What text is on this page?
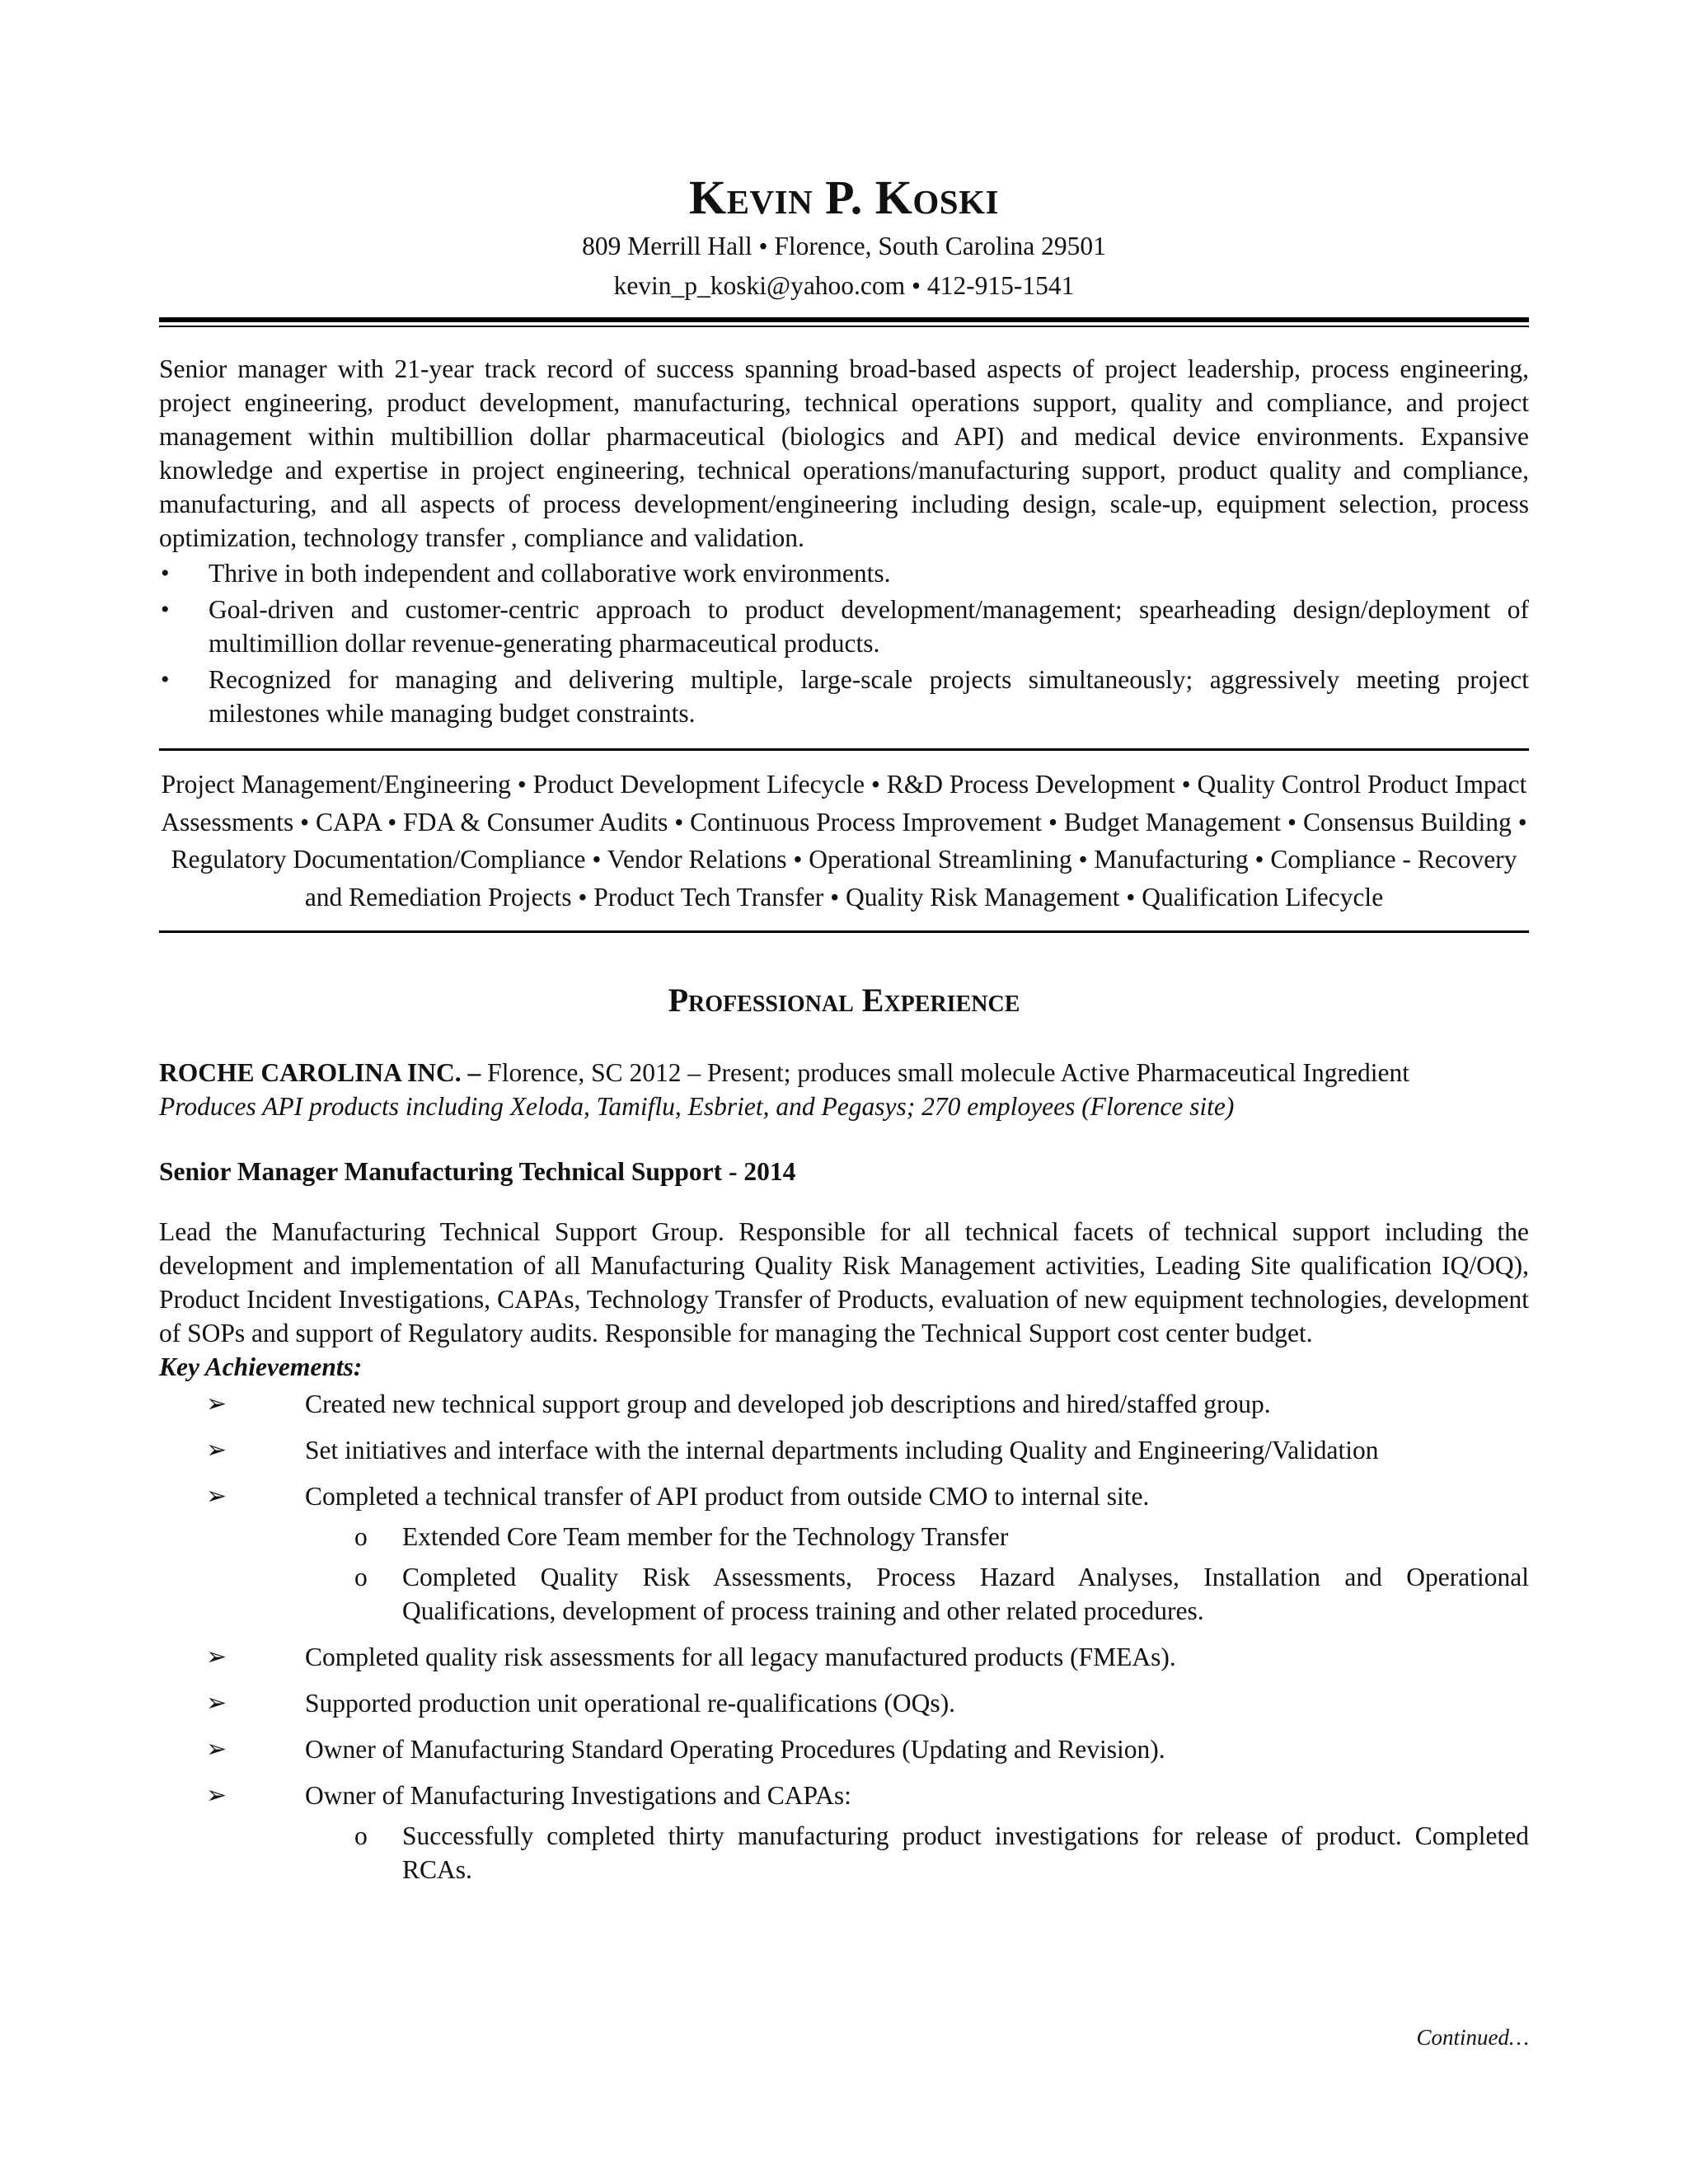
Kevin P. Koski

809 Merrill Hall • Florence, South Carolina 29501

kevin_p_koski@yahoo.com • 412-915-1541

Senior manager with 21-year track record of success spanning broad-based aspects of project leadership, process engineering, project engineering, product development, manufacturing, technical operations support, quality and compliance, and project management within multibillion dollar pharmaceutical (biologics and API) and medical device environments. Expansive knowledge and expertise in project engineering, technical operations/manufacturing support, product quality and compliance, manufacturing, and all aspects of process development/engineering including design, scale-up, equipment selection, process optimization, technology transfer , compliance and validation.

• Thrive in both independent and collaborative work environments.
• Goal-driven and customer-centric approach to product development/management; spearheading design/deployment of multimillion dollar revenue-generating pharmaceutical products.
• Recognized for managing and delivering multiple, large-scale projects simultaneously; aggressively meeting project milestones while managing budget constraints.

Project Management/Engineering • Product Development Lifecycle • R&D Process Development • Quality Control Product Impact Assessments • CAPA • FDA & Consumer Audits • Continuous Process Improvement • Budget Management • Consensus Building • Regulatory Documentation/Compliance • Vendor Relations • Operational Streamlining • Manufacturing • Compliance - Recovery and Remediation Projects • Product Tech Transfer • Quality Risk Management • Qualification Lifecycle

Professional Experience

ROCHE CAROLINA INC. – Florence, SC 2012 – Present; produces small molecule Active Pharmaceutical Ingredient

Produces API products including Xeloda, Tamiflu, Esbriet, and Pegasys; 270 employees (Florence site)

Senior Manager Manufacturing Technical Support - 2014

Lead the Manufacturing Technical Support Group. Responsible for all technical facets of technical support including the development and implementation of all Manufacturing Quality Risk Management activities, Leading Site qualification IQ/OQ), Product Incident Investigations, CAPAs, Technology Transfer of Products, evaluation of new equipment technologies, development of SOPs and support of Regulatory audits. Responsible for managing the Technical Support cost center budget.

Key Achievements:

➢	Created new technical support group and developed job descriptions and hired/staffed group.
➢	Set initiatives and interface with the internal departments including Quality and Engineering/Validation
➢	Completed a technical transfer of API product from outside CMO to internal site.
o Extended Core Team member for the Technology Transfer
o Completed Quality Risk Assessments, Process Hazard Analyses, Installation and Operational Qualifications, development of process training and other related procedures.
➢	Completed quality risk assessments for all legacy manufactured products (FMEAs).
➢	Supported production unit operational re-qualifications (OQs).
➢	Owner of Manufacturing Standard Operating Procedures (Updating and Revision).
➢	Owner of Manufacturing Investigations and CAPAs:
o Successfully completed thirty manufacturing product investigations for release of product. Completed RCAs.
Continued…
